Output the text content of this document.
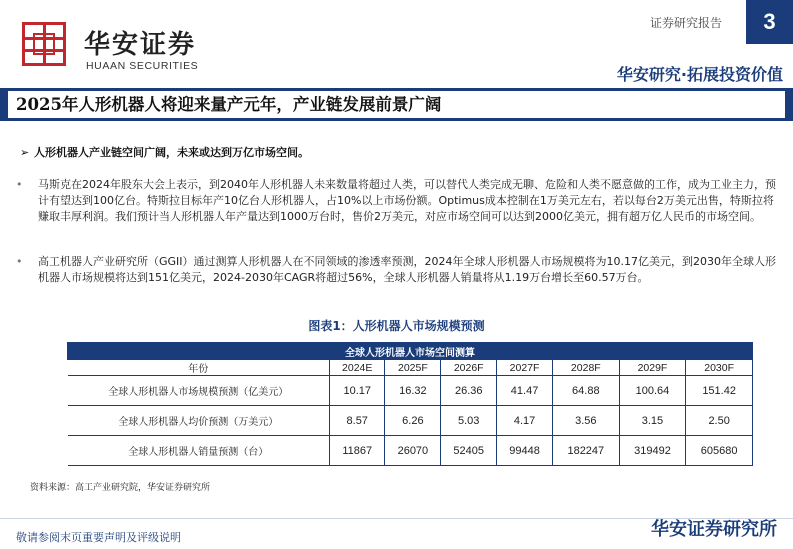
华安证券
HUAAN SECURITIES
证券研究报告	3
华安研究·拓展投资价值
2025年人形机器人将迎来量产元年，产业链发展前景广阔
➢ 人形机器人产业链空间广阔，未来或达到万亿市场空间。
•	马斯克在2024年股东大会上表示，到2040年人形机器人未来数量将超过人类，可以替代人类完成无聊、危险和人类不愿意做的工作，成为工业主力，预计有望达到100亿台。特斯拉目标年产10亿台人形机器人，占10%以上市场份额。Optimus成本控制在1万美元左右，若以每台2万美元出售，特斯拉将赚取丰厚利润。我们预计当人形机器人年产量达到1000万台时，售价2万美元，对应市场空间可以达到2000亿美元，拥有超万亿人民币的市场空间。
•	高工机器人产业研究所（GGII）通过测算人形机器人在不同领域的渗透率预测，2024年全球人形机器人市场规模将为10.17亿美元，到2030年全球人形机器人市场规模将达到151亿美元，2024-2030年CAGR将超过56%，全球人形机器人销量将从1.19万台增长至60.57万台。
图表1：人形机器人市场规模预测
全球人形机器人市场空间测算							
年份	2024E	2025F	2026F	2027F	2028F	2029F	2030F
全球人形机器人市场规模预测（亿美元）	10.17	16.32	26.36	41.47	64.88	100.64	151.42
全球人形机器人均价预测（万美元）	8.57	6.26	5.03	4.17	3.56	3.15	2.50
全球人形机器人销量预测（台）	11867	26070	52405	99448	182247	319492	605680
资料来源：高工产业研究院，华安证券研究所
敬请参阅末页重要声明及评级说明	华安证券研究所
